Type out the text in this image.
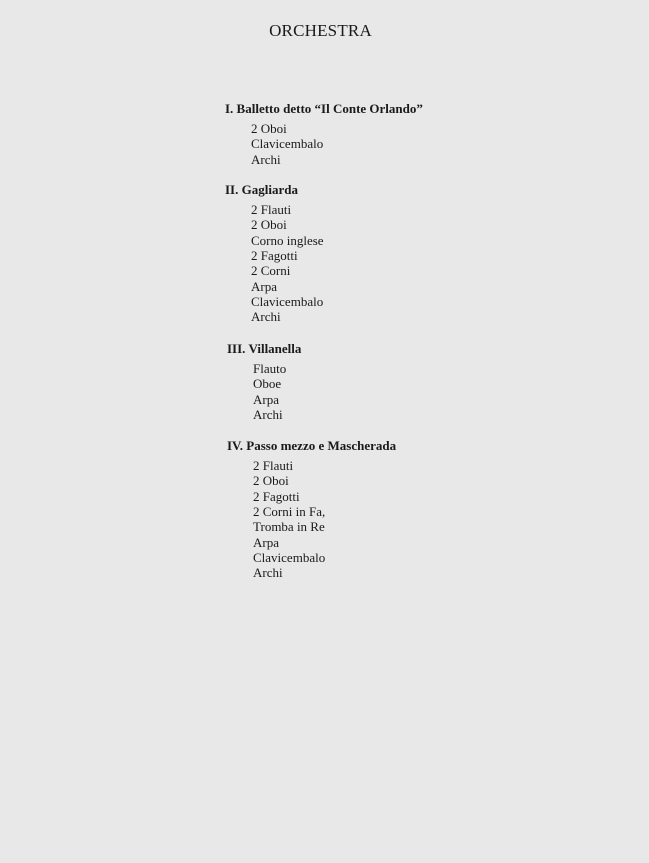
ORCHESTRA
I. Balletto detto “Il Conte Orlando”
2 Oboi
Clavicembalo
Archi
II. Gagliarda
2 Flauti
2 Oboi
Corno inglese
2 Fagotti
2 Corni
Arpa
Clavicembalo
Archi
III. Villanella
Flauto
Oboe
Arpa
Archi
IV. Passo mezzo e Mascherada
2 Flauti
2 Oboi
2 Fagotti
2 Corni in Fa,
Tromba in Re
Arpa
Clavicembalo
Archi
